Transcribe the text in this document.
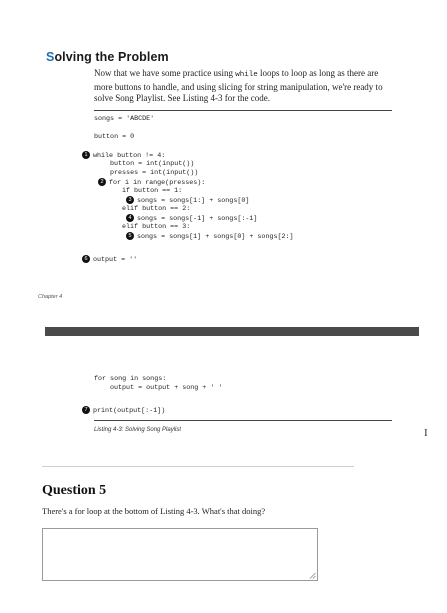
Solving the Problem
Now that we have some practice using while loops to loop as long as there are more buttons to handle, and using slicing for string manipulation, we're ready to solve Song Playlist. See Listing 4-3 for the code.
songs = 'ABCDE'
button = 0
1 while button != 4:
button = int(input())
presses = int(input())
2 for i in range(presses):
if button == 1:
3 songs = songs[1:] + songs[0]
elif button == 2:
4 songs = songs[-1] + songs[:-1]
elif button == 3:
5 songs = songs[1] + songs[0] + songs[2:]
6 output = ''
Chapter 4
for song in songs:
output = output + song + ' '
7 print(output[:-1])
Listing 4-3: Solving Song Playlist	I
Question 5
There's a for loop at the bottom of Listing 4-3. What's that doing?
